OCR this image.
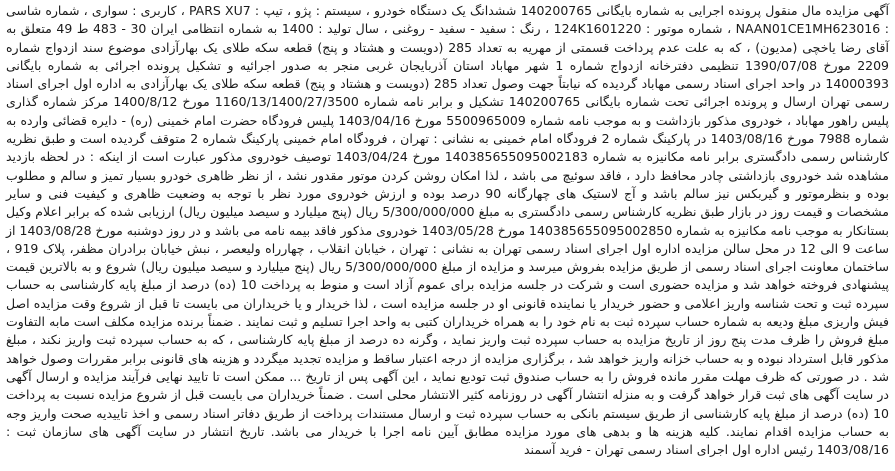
آگهی مزایده مال منقول پرونده اجرایی به شماره بایگانی 140200765 ششدانگ یک دستگاه خودرو ، سیستم : پژو ، تیپ : PARS XU7 ، کاربری : سواری ، شماره شاسی : NAAN01CE1MH623016 ، شماره موتور : 124K1601220 ، رنگ : سفید - سفید - روغنی ، سال تولید : 1400 به شماره انتظامی ایران 30 - 483 ط 49 متعلق به آقای رضا یاخچی (مدیون) ، که به علت عدم پرداخت قسمتی از مهریه به تعداد 285 (دویست و هشتاد و پنج) قطعه سکه طلای یک بهارآزادی موضوع سند ازدواج شماره 2209 مورخ 1390/07/08 تنظیمی دفترخانه ازدواج شماره 1 شهر مهاباد استان آذربایجان غربی منجر به صدور اجرائیه و تشکیل پرونده اجرائی به شماره بایگانی 14000393 در واحد اجرای اسناد رسمی مهاباد گردیده که نیابتاً جهت وصول تعداد 285 (دویست و هشتاد و پنج) قطعه سکه طلای یک بهارآزادی به اداره اول اجرای اسناد رسمی تهران ارسال و پرونده اجرائی تحت شماره بایگانی 140200765 تشکیل و برابر نامه شماره 1160/13/1400/27/3500 مورخ 1400/8/12 مرکز شماره گذاری پلیس راهور مهاباد ، خودروی مذکور بازداشت و به موجب نامه شماره 5500965009 مورخ 1403/04/16 پلیس فرودگاه حضرت امام خمینی (ره) - دایره قضائی وارده به شماره 7988 مورخ 1403/08/16 در پارکینگ شماره 2 فرودگاه امام خمینی به نشانی : تهران ، فرودگاه امام خمینی پارکینگ شماره 2 متوقف گردیده است و طبق نظریه کارشناس رسمی دادگستری برابر نامه مکانیزه به شماره 140385655095002183 مورخ 1403/04/24 توصیف خودروی مذکور عبارت است از اینکه : در لحظه بازدید مشاهده شد خودروی بازداشتی چادر محافظ دارد ، فاقد سوئیچ می باشد ، لذا امکان روشن کردن موتور مقدور نشد ، از نظر ظاهری خودرو بسیار تمیز و سالم و مطلوب بوده و بنظرموتور و گیربکس نیز سالم باشد و آج لاستیک های چهارگانه 90 درصد بوده و ارزش خودروی مورد نظر با توجه به وضعیت ظاهری و کیفیت فنی و سایر مشخصات و قیمت روز در بازار طبق نظریه کارشناس رسمی دادگستری به مبلغ 5/300/000/000 ریال (پنج میلیارد و سیصد میلیون ریال) ارزیابی شده که برابر اعلام وکیل بستانکار به موجب نامه مکانیزه به شماره 140385655095002850 مورخ 1403/05/28 خودروی مذکور فاقد بیمه نامه می باشد و در روز دوشنبه مورخ 1403/08/28 از ساعت 9 الی 12 در محل سالن مزایده اداره اول اجرای اسناد رسمی تهران به نشانی : تهران ، خیابان انقلاب ، چهارراه ولیعصر ، نبش خیابان برادران مظفر، پلاک 919 ، ساختمان معاونت اجرای اسناد رسمی از طریق مزایده بفروش میرسد و مزایده از مبلغ 5/300/000/000 ریال (پنج میلیارد و سیصد میلیون ریال) شروع و به بالاترین قیمت پیشنهادی فروخته خواهد شد و مزایده حضوری است و شرکت در جلسه مزایده برای عموم آزاد است و منوط به پرداخت 10 (ده) درصد از مبلغ پایه کارشناسی به حساب سپرده ثبت و تحت شناسه واریز اعلامی و حضور خریدار یا نماینده قانونی او در جلسه مزایده است ، لذا خریدار و یا خریداران می بایست تا قبل از شروع وقت مزایده اصل فیش واریزی مبلغ ودیعه به شماره حساب سپرده ثبت به نام خود را به همراه خریداران کتبی به واحد اجرا تسلیم و ثبت نمایند . ضمناً برنده مزایده مکلف است مابه التفاوت مبلغ فروش را ظرف مدت پنج روز از تاریخ مزایده به حساب سپرده ثبت واریز نماید ، وگرنه ده درصد از مبلغ پایه کارشناسی ، که به حساب سپرده ثبت واریز نکند ، مبلغ مذکور قابل استرداد نبوده و به حساب خزانه واریز خواهد شد ، برگزاری مزایده از درجه اعتبار ساقط و مزایده تجدید میگردد و هزینه های قانونی برابر مقررات وصول خواهد شد . در صورتی که ظرف مهلت مقرر مانده فروش را به حساب صندوق ثبت تودیع نماید ، این آگهی پس از تاریخ ... ممکن است تا تایید نهایی فرآیند مزایده و ارسال آگهی در سایت آگهی های ثبت قرار خواهد گرفت و به منزله انتشار آگهی در روزنامه کثیر الانتشار محلی است . ضمناً خریداران می بایست قبل از شروع مزایده نسبت به پرداخت 10 (ده) درصد از مبلغ پایه کارشناسی از طریق سیستم بانکی به حساب سپرده ثبت و ارسال مستندات پرداخت از طریق دفاتر اسناد رسمی و اخذ تاییدیه صحت واریز وجه به حساب مزایده اقدام نمایند. کلیه هزینه ها و بدهی های مورد مزایده مطابق آیین نامه اجرا با خریدار می باشد. تاریخ انتشار در سایت آگهی های سازمان ثبت : 1403/08/16 رئیس اداره اول اجرای اسناد رسمی تهران - فرید آسمند
